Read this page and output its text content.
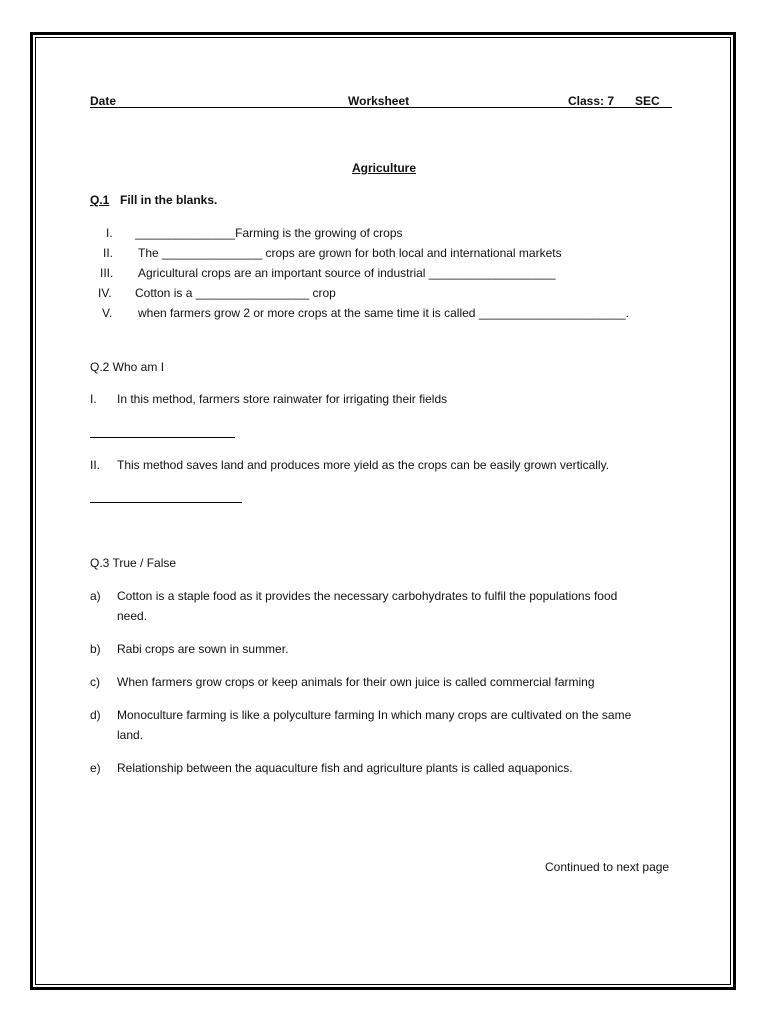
Date	Worksheet	Class: 7 SEC
Agriculture
Q.1 Fill in the blanks.
I. _______________Farming is the growing of crops
II. The _______________ crops are grown for both local and international markets
III. Agricultural crops are an important source of industrial ___________________
IV. Cotton is a _________________ crop
V. when farmers grow 2 or more crops at the same time it is called ______________________.
Q.2 Who am I
I. In this method, farmers store rainwater for irrigating their fields
II. This method saves land and produces more yield as the crops can be easily grown vertically.
Q.3 True / False
a) Cotton is a staple food as it provides the necessary carbohydrates to fulfil the populations food
need.
b) Rabi crops are sown in summer.
c) When farmers grow crops or keep animals for their own juice is called commercial farming
d) Monoculture farming is like a polyculture farming In which many crops are cultivated on the same
land.
e) Relationship between the aquaculture fish and agriculture plants is called aquaponics.
Continued to next page
